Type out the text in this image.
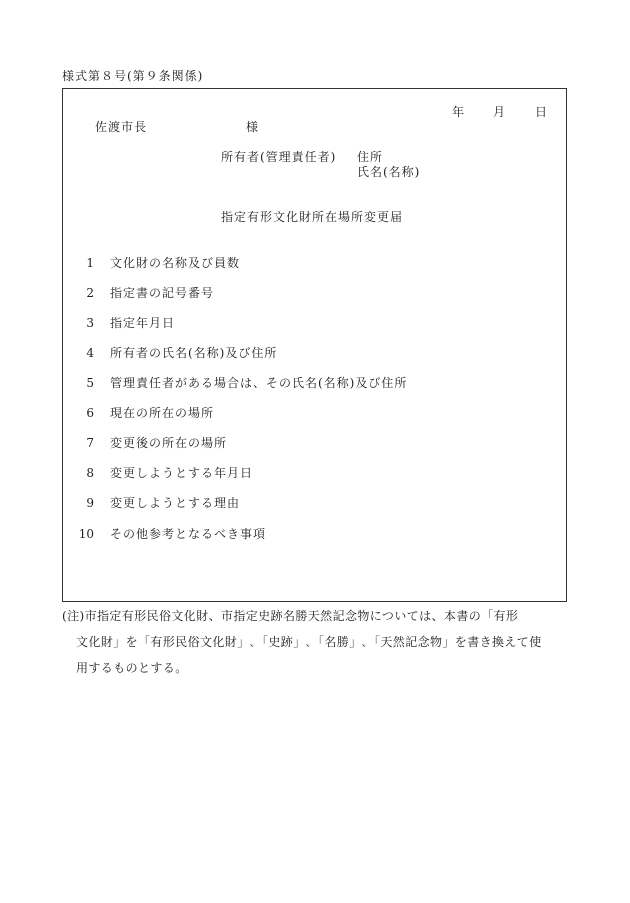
様式第８号(第９条関係)
年 月 日
佐渡市長	様
所有者(管理責任者) 住所
氏名(名称)
指定有形文化財所在場所変更届
1 文化財の名称及び員数
2 指定書の記号番号
3 指定年月日
4 所有者の氏名(名称)及び住所
5 管理責任者がある場合は、その氏名(名称)及び住所
6 現在の所在の場所
7 変更後の所在の場所
8 変更しようとする年月日
9 変更しようとする理由
10 その他参考となるべき事項
(注)市指定有形民俗文化財、市指定史跡名勝天然記念物については、本書の「有形
文化財」を「有形民俗文化財」､「史跡」､「名勝」､「天然記念物」を書き換えて使
用するものとする。
